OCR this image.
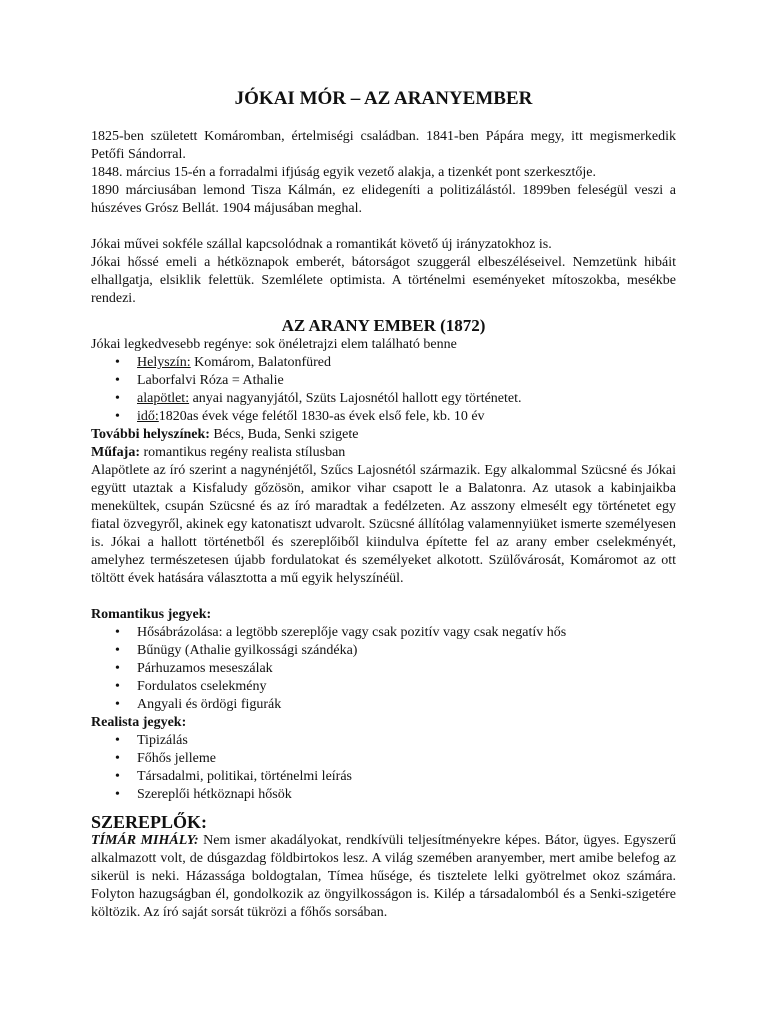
JÓKAI MÓR – AZ ARANYEMBER

1825-ben született Komáromban, értelmiségi családban. 1841-ben Pápára megy, itt megismerkedik Petőfi Sándorral.

1848. március 15-én a forradalmi ifjúság egyik vezető alakja, a tizenkét pont szerkesztője.

1890 márciusában lemond Tisza Kálmán, ez elidegeníti a politizálástól. 1899ben feleségül veszi a húszéves Grósz Bellát. 1904 májusában meghal.

Jókai művei sokféle szállal kapcsolódnak a romantikát követő új irányzatokhoz is.

Jókai hőssé emeli a hétköznapok emberét, bátorságot szuggerál elbeszéléseivel. Nemzetünk hibáit elhallgatja, elsiklik felettük. Szemlélete optimista. A történelmi eseményeket mítoszokba, mesékbe rendezi.

AZ ARANY EMBER (1872)

Jókai legkedvesebb regénye: sok önéletrajzi elem található benne

• Helyszín: Komárom, Balatonfüred
• Laborfalvi Róza = Athalie
• alapötlet: anyai nagyanyjától, Szüts Lajosnétól hallott egy történetet.
• idő:1820as évek vége felétől 1830-as évek első fele, kb. 10 év

További helyszínek: Bécs, Buda, Senki szigete

Műfaja: romantikus regény realista stílusban

Alapötlete az író szerint a nagynénjétől, Szűcs Lajosnétól származik. Egy alkalommal Szücsné és Jókai együtt utaztak a Kisfaludy gőzösön, amikor vihar csapott le a Balatonra. Az utasok a kabinjaikba menekültek, csupán Szücsné és az író maradtak a fedélzeten. Az asszony elmesélt egy történetet egy fiatal özvegyről, akinek egy katonatiszt udvarolt. Szücsné állítólag valamennyiüket ismerte személyesen is. Jókai a hallott történetből és szereplőiből kiindulva építette fel az arany ember cselekményét, amelyhez természetesen újabb fordulatokat és személyeket alkotott. Szülővárosát, Komáromot az ott töltött évek hatására választotta a mű egyik helyszínéül.

Romantikus jegyek:

• Hősábrázolása: a legtöbb szereplője vagy csak pozitív vagy csak negatív hős
• Bűnügy (Athalie gyilkossági szándéka)
• Párhuzamos meseszálak
• Fordulatos cselekmény
• Angyali és ördögi figurák

Realista jegyek:

• Tipizálás
• Főhős jelleme
• Társadalmi, politikai, történelmi leírás
• Szereplői hétköznapi hősök
SZEREPLŐK:

TÍMÁR MIHÁLY: Nem ismer akadályokat, rendkívüli teljesítményekre képes. Bátor, ügyes. Egyszerű alkalmazott volt, de dúsgazdag földbirtokos lesz. A világ szemében aranyember, mert amibe belefog az sikerül is neki. Házassága boldogtalan, Tímea hűsége, és tisztelete lelki gyötrelmet okoz számára. Folyton hazugságban él, gondolkozik az öngyilkosságon is. Kilép a társadalomból és a Senki-szigetére költözik. Az író saját sorsát tükrözi a főhős sorsában.
